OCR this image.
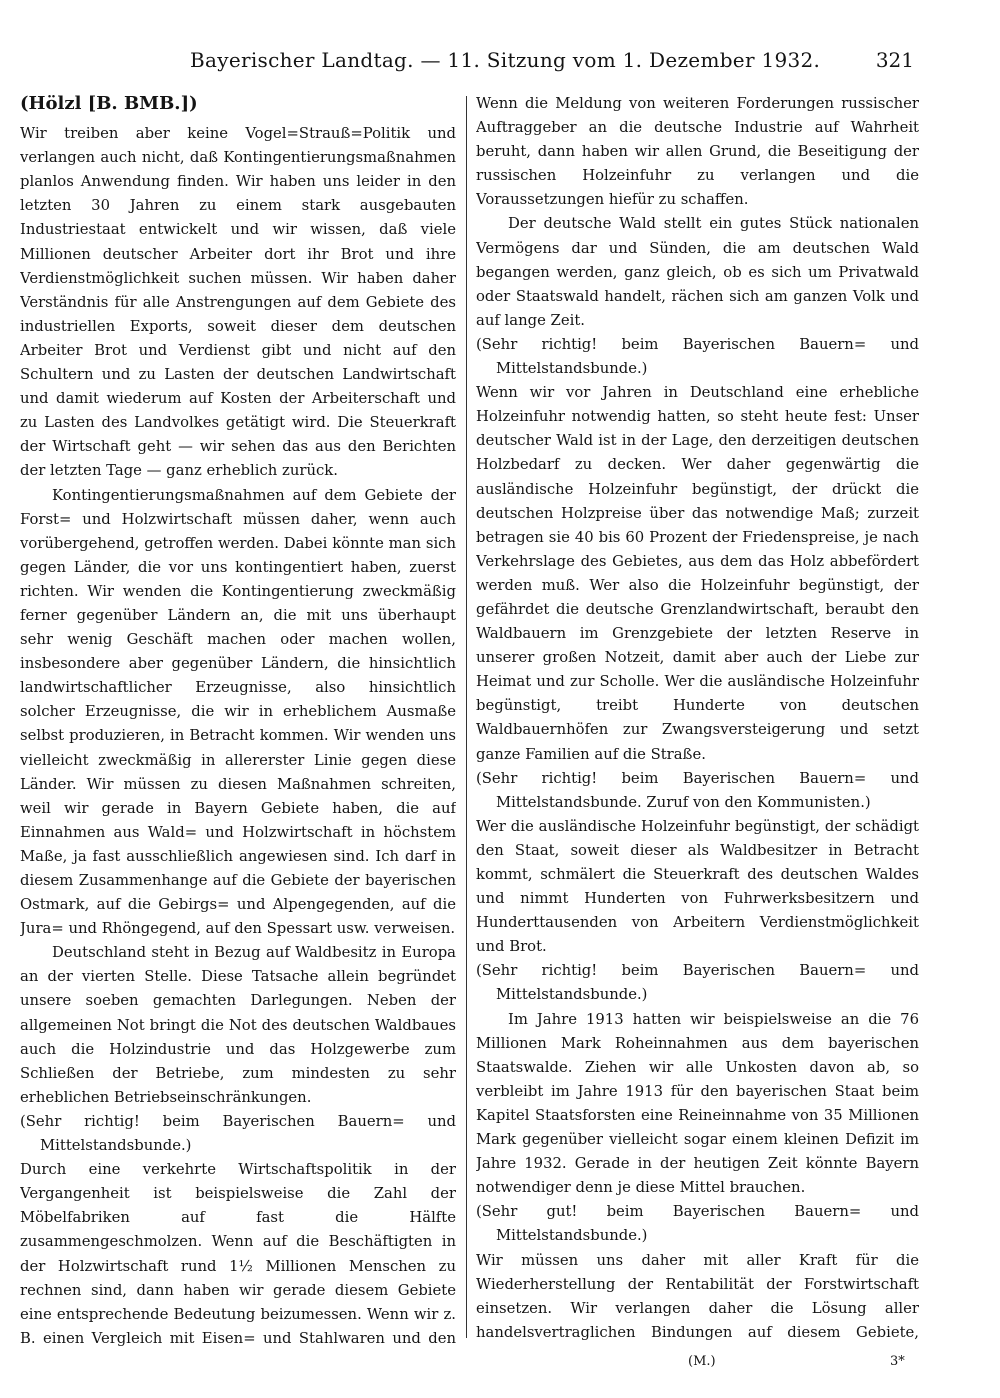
Bayerischer Landtag. — 11. Sitzung vom 1. Dezember 1932.	321
(Hölzl [B. BMB.])

Wir treiben aber keine Vogel=Strauß=Politik und verlangen auch nicht, daß Kontingentierungsmaßnahmen planlos Anwendung finden. Wir haben uns leider in den letzten 30 Jahren zu einem stark ausgebauten Industriestaat entwickelt und wir wissen, daß viele Millionen deutscher Arbeiter dort ihr Brot und ihre Verdienstmöglichkeit suchen müssen. Wir haben daher Verständnis für alle Anstrengungen auf dem Gebiete des industriellen Exports, soweit dieser dem deutschen Arbeiter Brot und Verdienst gibt und nicht auf den Schultern und zu Lasten der deutschen Landwirtschaft und damit wiederum auf Kosten der Arbeiterschaft und zu Lasten des Landvolkes getätigt wird. Die Steuerkraft der Wirtschaft geht — wir sehen das aus den Berichten der letzten Tage — ganz erheblich zurück.

Kontingentierungsmaßnahmen auf dem Gebiete der Forst= und Holzwirtschaft müssen daher, wenn auch vorübergehend, getroffen werden. Dabei könnte man sich gegen Länder, die vor uns kontingentiert haben, zuerst richten. Wir wenden die Kontingentierung zweckmäßig ferner gegenüber Ländern an, die mit uns überhaupt sehr wenig Geschäft machen oder machen wollen, insbesondere aber gegenüber Ländern, die hinsichtlich landwirtschaftlicher Erzeugnisse, also hinsichtlich solcher Erzeugnisse, die wir in erheblichem Ausmaße selbst produzieren, in Betracht kommen. Wir wenden uns vielleicht zweckmäßig in allererster Linie gegen diese Länder. Wir müssen zu diesen Maßnahmen schreiten, weil wir gerade in Bayern Gebiete haben, die auf Einnahmen aus Wald= und Holzwirtschaft in höchstem Maße, ja fast ausschließlich angewiesen sind. Ich darf in diesem Zusammenhange auf die Gebiete der bayerischen Ostmark, auf die Gebirgs= und Alpengegenden, auf die Jura= und Rhöngegend, auf den Spessart usw. verweisen.

Deutschland steht in Bezug auf Waldbesitz in Europa an der vierten Stelle. Diese Tatsache allein begründet unsere soeben gemachten Darlegungen. Neben der allgemeinen Not bringt die Not des deutschen Waldbaues auch die Holzindustrie und das Holzgewerbe zum Schließen der Betriebe, zum mindesten zu sehr erheblichen Betriebseinschränkungen.

(Sehr richtig! beim Bayerischen Bauern= und Mittelstandsbunde.)

Durch eine verkehrte Wirtschaftspolitik in der Vergangenheit ist beispielsweise die Zahl der Möbelfabriken auf fast die Hälfte zusammengeschmolzen. Wenn auf die Beschäftigten in der Holzwirtschaft rund 1½ Millionen Menschen zu rechnen sind, dann haben wir gerade diesem Gebiete eine entsprechende Bedeutung beizumessen. Wenn wir z. B. einen Vergleich mit Eisen= und Stahlwaren und den

Wenn die Meldung von weiteren Forderungen russischer Auftraggeber an die deutsche Industrie auf Wahrheit beruht, dann haben wir allen Grund, die Beseitigung der russischen Holzeinfuhr zu verlangen und die Voraussetzungen hiefür zu schaffen.

Der deutsche Wald stellt ein gutes Stück nationalen Vermögens dar und Sünden, die am deutschen Wald begangen werden, ganz gleich, ob es sich um Privatwald oder Staatswald handelt, rächen sich am ganzen Volk und auf lange Zeit.

(Sehr richtig! beim Bayerischen Bauern= und Mittelstandsbunde.)

Wenn wir vor Jahren in Deutschland eine erhebliche Holzeinfuhr notwendig hatten, so steht heute fest: Unser deutscher Wald ist in der Lage, den derzeitigen deutschen Holzbedarf zu decken. Wer daher gegenwärtig die ausländische Holzeinfuhr begünstigt, der drückt die deutschen Holzpreise über das notwendige Maß; zurzeit betragen sie 40 bis 60 Prozent der Friedenspreise, je nach Verkehrslage des Gebietes, aus dem das Holz abbefördert werden muß. Wer also die Holzeinfuhr begünstigt, der gefährdet die deutsche Grenzlandwirtschaft, beraubt den Waldbauern im Grenzgebiete der letzten Reserve in unserer großen Notzeit, damit aber auch der Liebe zur Heimat und zur Scholle. Wer die ausländische Holzeinfuhr begünstigt, treibt Hunderte von deutschen Waldbauernhöfen zur Zwangsversteigerung und setzt ganze Familien auf die Straße.

(Sehr richtig! beim Bayerischen Bauern= und Mittelstandsbunde. Zuruf von den Kommunisten.)

Wer die ausländische Holzeinfuhr begünstigt, der schädigt den Staat, soweit dieser als Waldbesitzer in Betracht kommt, schmälert die Steuerkraft des deutschen Waldes und nimmt Hunderten von Fuhrwerksbesitzern und Hunderttausenden von Arbeitern Verdienstmöglichkeit und Brot.

(Sehr richtig! beim Bayerischen Bauern= und Mittelstandsbunde.)

Im Jahre 1913 hatten wir beispielsweise an die 76 Millionen Mark Roheinnahmen aus dem bayerischen Staatswalde. Ziehen wir alle Unkosten davon ab, so verbleibt im Jahre 1913 für den bayerischen Staat beim Kapitel Staatsforsten eine Reineinnahme von 35 Millionen Mark gegenüber vielleicht sogar einem kleinen Defizit im Jahre 1932. Gerade in der heutigen Zeit könnte Bayern notwendiger denn je diese Mittel brauchen.

(Sehr gut! beim Bayerischen Bauern= und Mittelstandsbunde.)

Wir müssen uns daher mit aller Kraft für die Wiederherstellung der Rentabilität der Forstwirtschaft einsetzen. Wir verlangen daher die Lösung aller handelsvertraglichen Bindungen auf diesem Gebiete,

(M.)	3*
